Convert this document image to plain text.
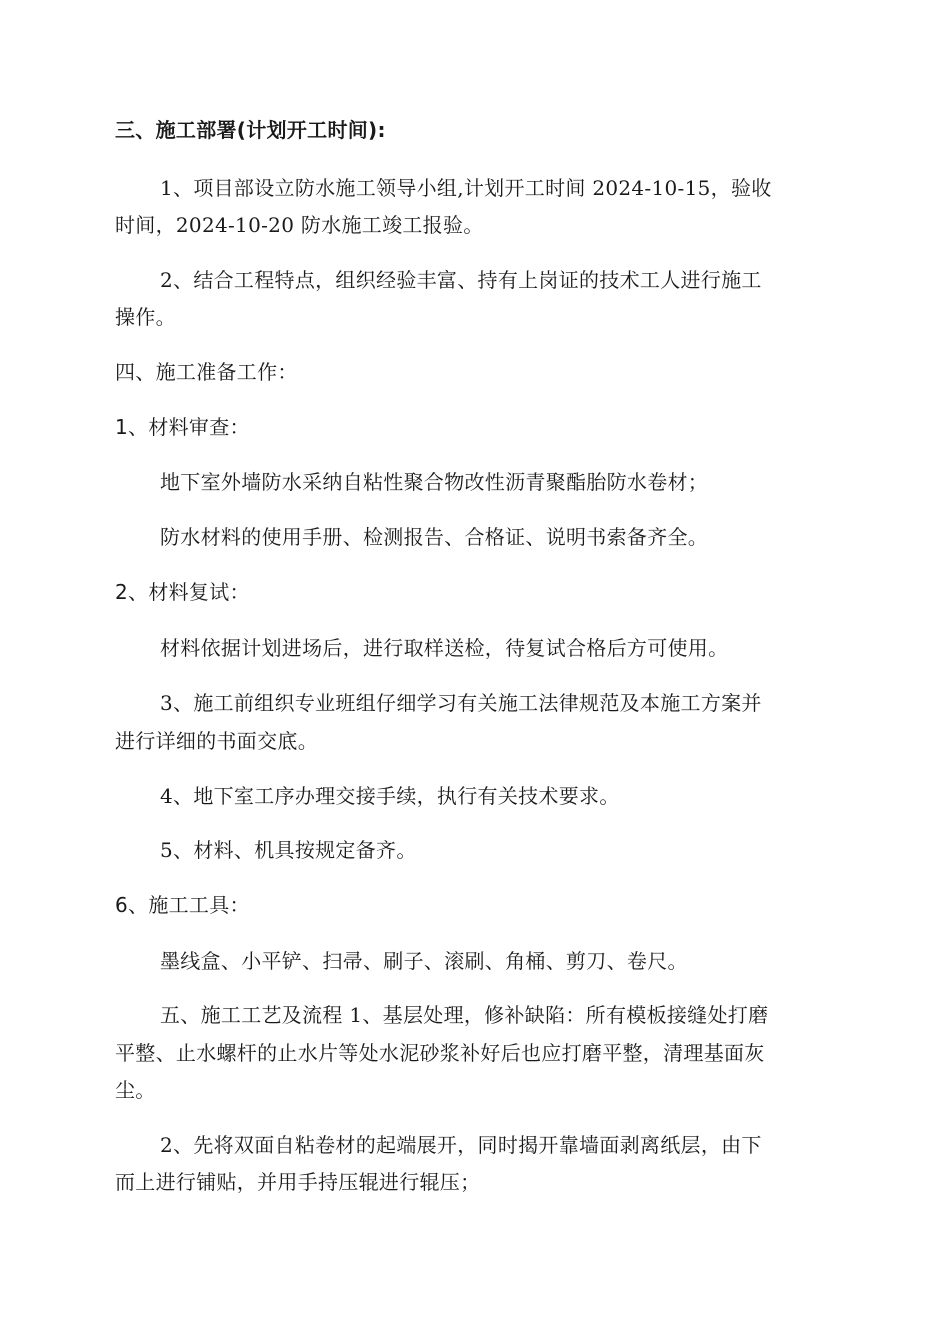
三、施工部署(计划开工时间):
1、项目部设立防水施工领导小组,计划开工时间 2024-10-15，验收
时间，2024-10-20 防水施工竣工报验。
2、结合工程特点，组织经验丰富、持有上岗证的技术工人进行施工
操作。
四、施工准备工作：
1、材料审查：
地下室外墙防水采纳自粘性聚合物改性沥青聚酯胎防水卷材；
防水材料的使用手册、检测报告、合格证、说明书索备齐全。
2、材料复试：
材料依据计划进场后，进行取样送检，待复试合格后方可使用。
3、施工前组织专业班组仔细学习有关施工法律规范及本施工方案并
进行详细的书面交底。
4、地下室工序办理交接手续，执行有关技术要求。
5、材料、机具按规定备齐。
6、施工工具：
墨线盒、小平铲、扫帚、刷子、滚刷、角桶、剪刀、卷尺。
五、施工工艺及流程 1、基层处理，修补缺陷：所有模板接缝处打磨
平整、止水螺杆的止水片等处水泥砂浆补好后也应打磨平整，清理基面灰
尘。
2、先将双面自粘卷材的起端展开，同时揭开靠墙面剥离纸层，由下
而上进行铺贴，并用手持压辊进行辊压；
